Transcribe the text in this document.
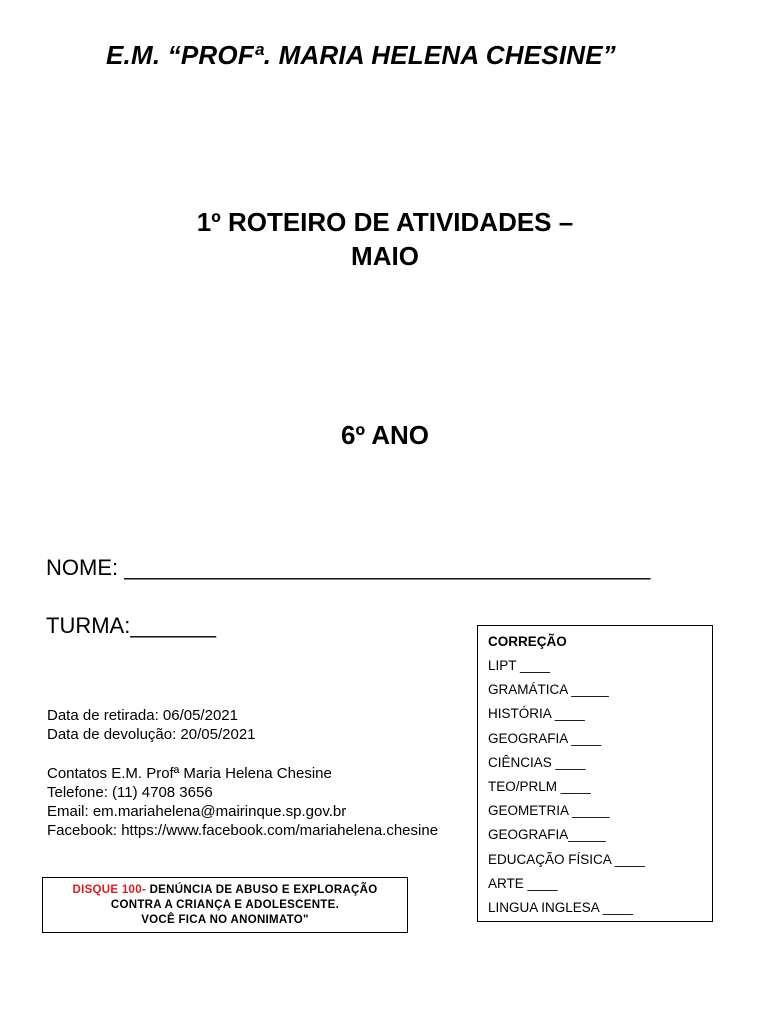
E.M. “PROFª. MARIA HELENA CHESINE”
1º ROTEIRO DE ATIVIDADES –
MAIO
6º ANO
NOME: ___________________________________________
TURMA:_______
Data de retirada: 06/05/2021
Data de devolução: 20/05/2021
Contatos E.M. Profª Maria Helena Chesine
Telefone: (11) 4708 3656
Email: em.mariahelena@mairinque.sp.gov.br
Facebook: https://www.facebook.com/mariahelena.chesine
DISQUE 100- DENÚNCIA DE ABUSO E EXPLORAÇÃO
CONTRA A CRIANÇA E ADOLESCENTE.
VOCÊ FICA NO ANONIMATO"
CORREÇÃO
LIPT ____
GRAMÁTICA _____
HISTÓRIA ____
GEOGRAFIA ____
CIÊNCIAS ____
TEO/PRLM ____
GEOMETRIA _____
GEOGRAFIA_____
EDUCAÇÃO FÍSICA ____
ARTE ____
LINGUA INGLESA ____
